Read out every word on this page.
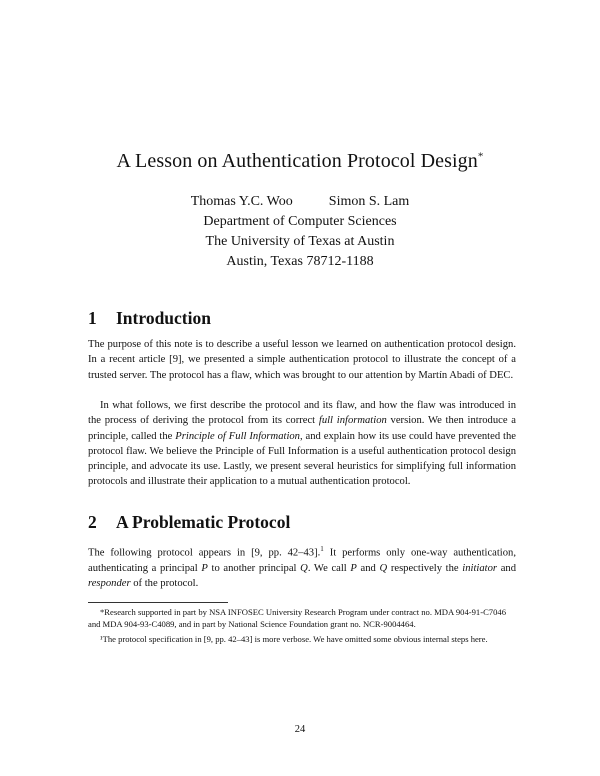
A Lesson on Authentication Protocol Design*
Thomas Y.C. Woo	Simon S. Lam
Department of Computer Sciences
The University of Texas at Austin
Austin, Texas 78712-1188
1 Introduction
The purpose of this note is to describe a useful lesson we learned on authentication protocol design. In a recent article [9], we presented a simple authentication protocol to illustrate the concept of a trusted server. The protocol has a flaw, which was brought to our attention by Martín Abadi of DEC.
In what follows, we first describe the protocol and its flaw, and how the flaw was introduced in the process of deriving the protocol from its correct full information version. We then introduce a principle, called the Principle of Full Information, and explain how its use could have prevented the protocol flaw. We believe the Principle of Full Information is a useful authentication protocol design principle, and advocate its use. Lastly, we present several heuristics for simplifying full information protocols and illustrate their application to a mutual authentication protocol.
2 A Problematic Protocol
The following protocol appears in [9, pp. 42–43].$^1$ It performs only one-way authentication, authenticating a principal P to another principal Q. We call P and Q respectively the initiator and responder of the protocol.
*Research supported in part by NSA INFOSEC University Research Program under contract no. MDA 904-91-C7046 and MDA 904-93-C4089, and in part by National Science Foundation grant no. NCR-9004464.
¹The protocol specification in [9, pp. 42–43] is more verbose. We have omitted some obvious internal steps here.
24
